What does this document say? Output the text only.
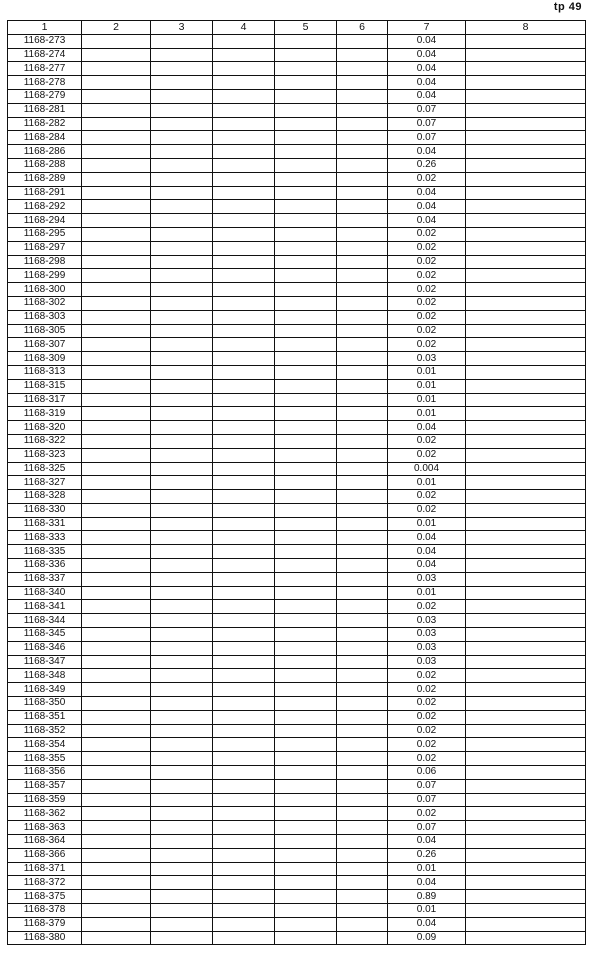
tp 49
1	2	3	4	5	6	7	8
1168-273						0.04	
1168-274						0.04	
1168-277						0.04	
1168-278						0.04	
1168-279						0.04	
1168-281						0.07	
1168-282						0.07	
1168-284						0.07	
1168-286						0.04	
1168-288						0.26	
1168-289						0.02	
1168-291						0.04	
1168-292						0.04	
1168-294						0.04	
1168-295						0.02	
1168-297						0.02	
1168-298						0.02	
1168-299						0.02	
1168-300						0.02	
1168-302						0.02	
1168-303						0.02	
1168-305						0.02	
1168-307						0.02	
1168-309						0.03	
1168-313						0.01	
1168-315						0.01	
1168-317						0.01	
1168-319						0.01	
1168-320						0.04	
1168-322						0.02	
1168-323						0.02	
1168-325						0.004	
1168-327						0.01	
1168-328						0.02	
1168-330						0.02	
1168-331						0.01	
1168-333						0.04	
1168-335						0.04	
1168-336						0.04	
1168-337						0.03	
1168-340						0.01	
1168-341						0.02	
1168-344						0.03	
1168-345						0.03	
1168-346						0.03	
1168-347						0.03	
1168-348						0.02	
1168-349						0.02	
1168-350						0.02	
1168-351						0.02	
1168-352						0.02	
1168-354						0.02	
1168-355						0.02	
1168-356						0.06	
1168-357						0.07	
1168-359						0.07	
1168-362						0.02	
1168-363						0.07	
1168-364						0.04	
1168-366						0.26	
1168-371						0.01	
1168-372						0.04	
1168-375						0.89	
1168-378						0.01	
1168-379						0.04	
1168-380						0.09	
